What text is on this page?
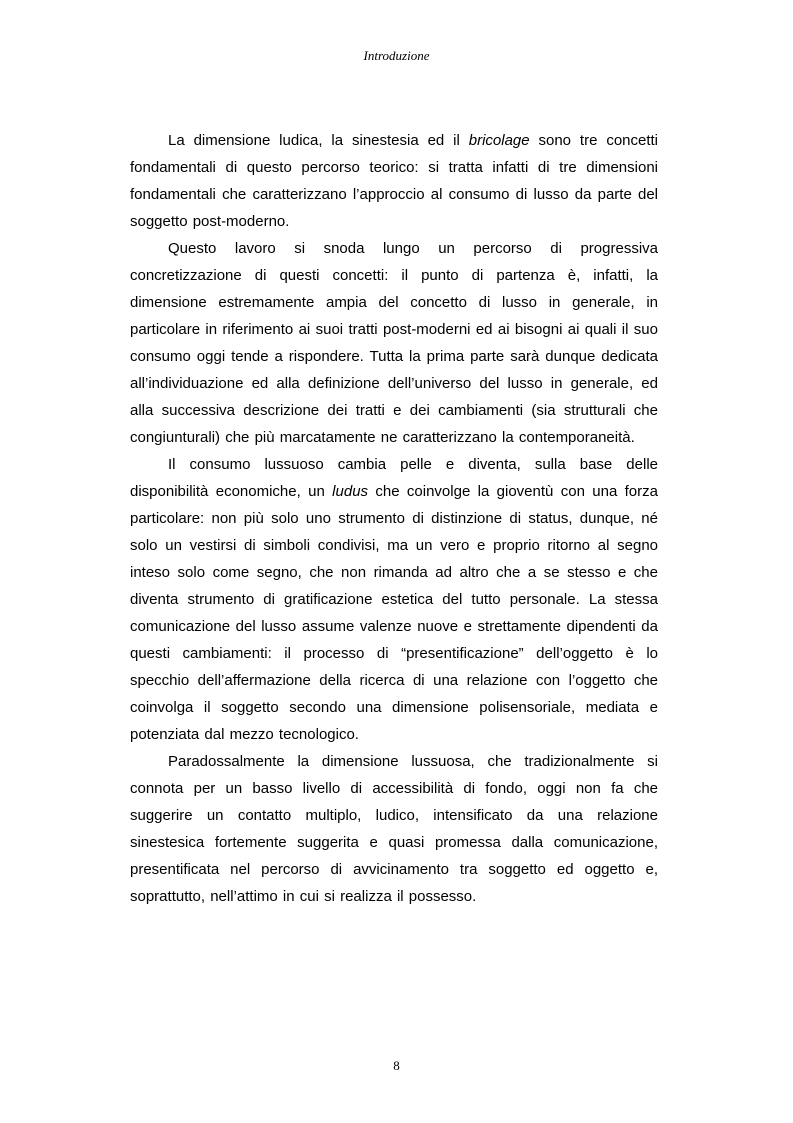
Introduzione

La dimensione ludica, la sinestesia ed il bricolage sono tre concetti fondamentali di questo percorso teorico: si tratta infatti di tre dimensioni fondamentali che caratterizzano l’approccio al consumo di lusso da parte del soggetto post-moderno.

Questo lavoro si snoda lungo un percorso di progressiva concretizzazione di questi concetti: il punto di partenza è, infatti, la dimensione estremamente ampia del concetto di lusso in generale, in particolare in riferimento ai suoi tratti post-moderni ed ai bisogni ai quali il suo consumo oggi tende a rispondere. Tutta la prima parte sarà dunque dedicata all’individuazione ed alla definizione dell’universo del lusso in generale, ed alla successiva descrizione dei tratti e dei cambiamenti (sia strutturali che congiunturali) che più marcatamente ne caratterizzano la contemporaneità.

Il consumo lussuoso cambia pelle e diventa, sulla base delle disponibilità economiche, un ludus che coinvolge la gioventù con una forza particolare: non più solo uno strumento di distinzione di status, dunque, né solo un vestirsi di simboli condivisi, ma un vero e proprio ritorno al segno inteso solo come segno, che non rimanda ad altro che a se stesso e che diventa strumento di gratificazione estetica del tutto personale. La stessa comunicazione del lusso assume valenze nuove e strettamente dipendenti da questi cambiamenti: il processo di “presentificazione” dell’oggetto è lo specchio dell’affermazione della ricerca di una relazione con l’oggetto che coinvolga il soggetto secondo una dimensione polisensoriale, mediata e potenziata dal mezzo tecnologico.

Paradossalmente la dimensione lussuosa, che tradizionalmente si connota per un basso livello di accessibilità di fondo, oggi non fa che suggerire un contatto multiplo, ludico, intensificato da una relazione sinestesica fortemente suggerita e quasi promessa dalla comunicazione, presentificata nel percorso di avvicinamento tra soggetto ed oggetto e, soprattutto, nell’attimo in cui si realizza il possesso.

8
